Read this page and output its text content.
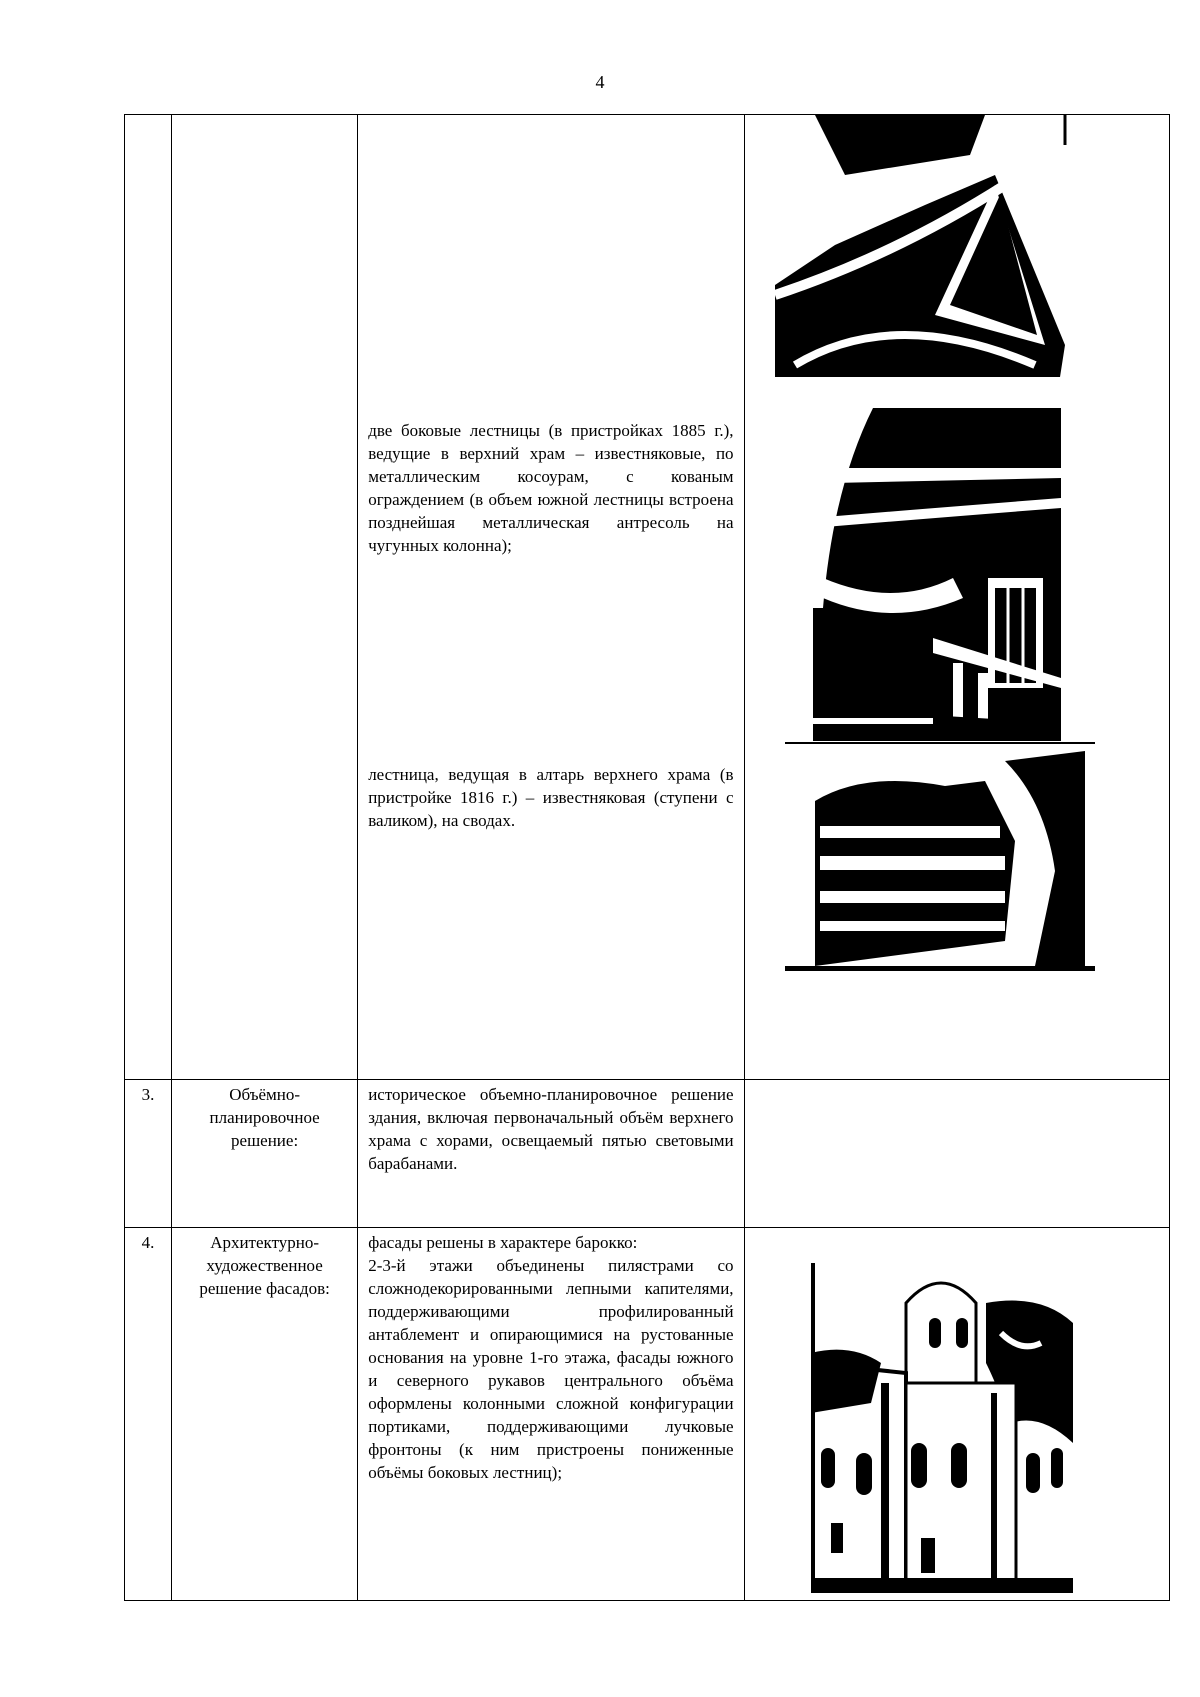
4

		две боковые лестницы (в пристройках 1885 г.), ведущие в верхний храм – известняковые, по металлическим косоурам, с кованым ограждением (в объем южной лестницы встроена позднейшая металлическая антресоль на чугунных колонна);
лестница, ведущая в алтарь верхнего храма (в пристройке 1816 г.) – известняковая (ступени с валиком), на сводах.

3.	Объёмно-планировочное решение:	историческое объемно-планировочное решение здания, включая первоначальный объём верхнего храма с хорами, освещаемый пятью световыми барабанами.	
4.	Архитектурно-художественное решение фасадов:	фасады решены в характере барокко:
2-3-й этажи объединены пилястрами со сложнодекорированными лепными капителями, поддерживающими профилированный антаблемент и опирающимися на рустованные основания на уровне 1-го этажа, фасады южного и северного рукавов центрального объёма оформлены колонными сложной конфигурации портиками, поддерживающими лучковые фронтоны (к ним пристроены пониженные объёмы боковых лестниц);
